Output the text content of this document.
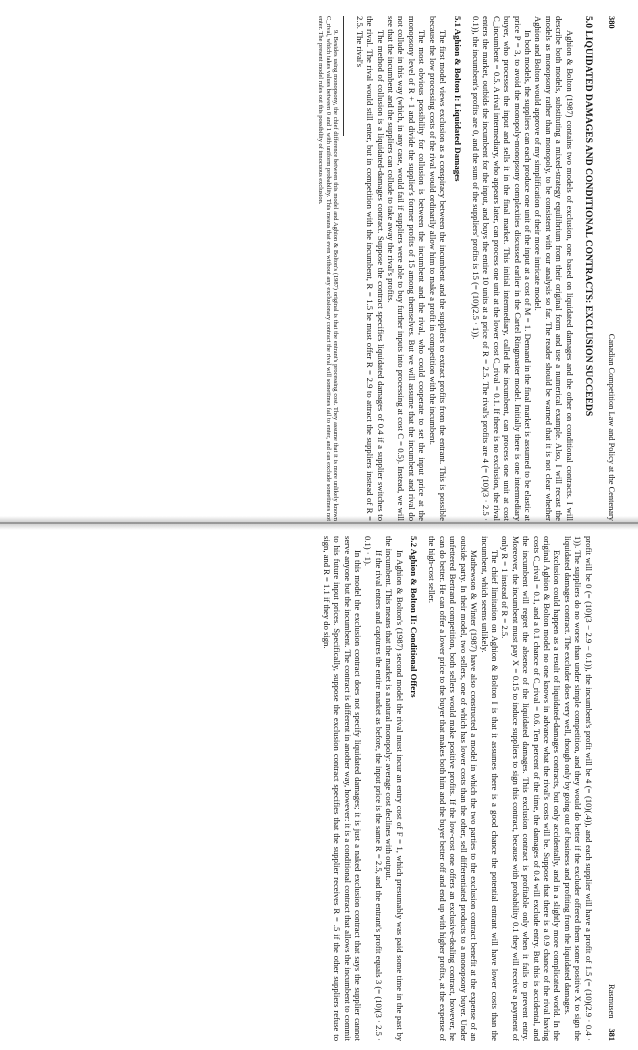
380
Canadian Competition Law and Policy at the Centenary
5.0 LIQUIDATED DAMAGES AND CONDITIONAL CONTRACTS: EXCLUSION SUCCEEDS

Aghion & Bolton (1987) contains two models of exclusion, one based on liquidated damages and the other on conditional contracts. I will describe both models, substituting a mixed-strategy equilibrium from their original form and use a numerical example. Also, I will recast the models as monopsony rather than monopoly, to be consistent with our analysis so far. The reader should be warned that it is not clear whether Aghion and Bolton would approve of my simplification of their more intricate model.

In both models, the suppliers can each produce one unit of the input at a cost of M = 1. Demand in the final market is assumed to be elastic at price P = 3, to avoid the monopoly-monopsony complexities discussed earlier in the Cartel Ringmaster model. Initially there is one intermediary buyer, who processes the input and sells it in the final market. This initial intermediary, called the incumbent, can process one unit at cost C_incumbent = 0.5. A rival intermediary, who appears later, can process one unit at the lower cost C_rival = 0.1. If there is no exclusion, the rival enters the market, outbids the incumbent for the input, and buys the entire 10 units at a price of R = 2.5. The rival's profits are 4 (= (10)(3 · 2.5 · 0.1)), the incumbent's profits are 0, and the sum of the suppliers' profits is 15 (= (10)(2.5 · 1)).

5.1 Aghion & Bolton I: Liquidated Damages

The first model views exclusion as a conspiracy between the incumbent and the suppliers to extract profits from the entrant. This is possible because the low processing costs of the rival would ordinarily allow him to make a profit in competition with the incumbent.

The most obvious possibility for collusion is between the incumbent and the rival, who could cooperate to set the input price at the monopsony level of R + 1 and divide the supplier's former profits of 15 among themselves. But we will assume that the incumbent and rival do not collude in this way (which, in any case, would fail if suppliers were able to buy further inputs into processing at cost C = 0.5). Instead, we will see that the incumbent and the suppliers can collude to take away the rival's profits.

The method of collusion is a liquidated-damages contract. Suppose the contract specifies liquidated damages of 0.4 if a supplier switches to the rival. The rival would still enter, but in competition with the incumbent, R = 1.5 he must offer R = 2.9 to attract the suppliers instead of R = 2.5. The rival's

9. Besides using monopsony, the chief difference between this model and Aghion & Bolton's (1987) original is that the entrant's processing cost. They assume that it is more unlikely known C_rival, which takes values between 0 and 1 with uniform probability. This means that even without any exclusionary contract the rival will sometimes fail to enter, and can exclude sometimes not enter. The present model rules out this possibility of innocuous exclusion.

Rasmusen
381

profit will be 0 (= (10)(3 − 2.9 − 0.1)), the incumbent's profit will be 4 (= (10)(.4)), and each supplier will have a profit of 1.5 (= (10)(2.9 · 0.4 · 1)). The suppliers do no worse than under simple competition, and they would do better if the excluder offered them some positive X to sign the liquidated damages contract. The excluder does very well, though only by going out of business and profiting from the liquidated damages.

Exclusion could happen as a result of liquidated-damages contracts, but only accidentally, and in a slightly more complicated world. In the original Aghion & Bolton model no one knows in advance what the rival's costs will be. Suppose that there is a 0.9 chance of the rival having costs C_rival = 0.1, and a 0.1 chance of C_rival = 0.6. Ten percent of the time, the damages of 0.4 will exclude entry. But this is accidental, and the incumbent will regret the absence of the liquidated damages. This exclusion contract is profitable only when it fails to prevent entry. Moreover, the incumbent must pay X = 0.15 to induce suppliers to sign this contract, because with probability 0.1 they will receive a payment of only R = 1 instead of R = 2.5.

The chief limitation on Aghion & Bolton I is that it assumes there is a good chance the potential entrant will have lower costs than the incumbent, which seems unlikely.

Mathewson & Winter (1987) have also constructed a model in which the two parties to the exclusion contract benefit at the expense of an outside party. In their model, two sellers, one of which has lower costs than the other, sell differentiated products to a monopsony buyer. Under unfettered Bertrand competition, both sellers would make positive profits. If the low-cost one offers an exclusive-dealing contract, however, he can do better. He can offer a lower price to the buyer that makes both him and the buyer better off and end up with higher profits, at the expense of the high-cost seller.

5.2 Aghion & Bolton II: Conditional Offers

In Aghion & Bolton's (1987) second model the rival must incur an entry cost of F = 1, which presumably was paid some time in the past by the incumbent. This means that the market is a natural monopoly: average cost declines with output.

If the rival enters and captures the entire market as before, the input price is the same R = 2.5, and the entrant's profit equals 3 (= (10)(3 · 2.5 · 0.1) · 1).

In this model the exclusion contract does not specify liquidated damages; it is just a naked exclusion contract that says the supplier cannot serve anyone but the incumbent. The contract is different in another way, however: it is a conditional contract that allows the incumbent to commit to his future input prices. Specifically, suppose the exclusion contract specifies that the supplier receives R = .5 if the other suppliers refuse to sign, and R = 1.1 if they do sign.
